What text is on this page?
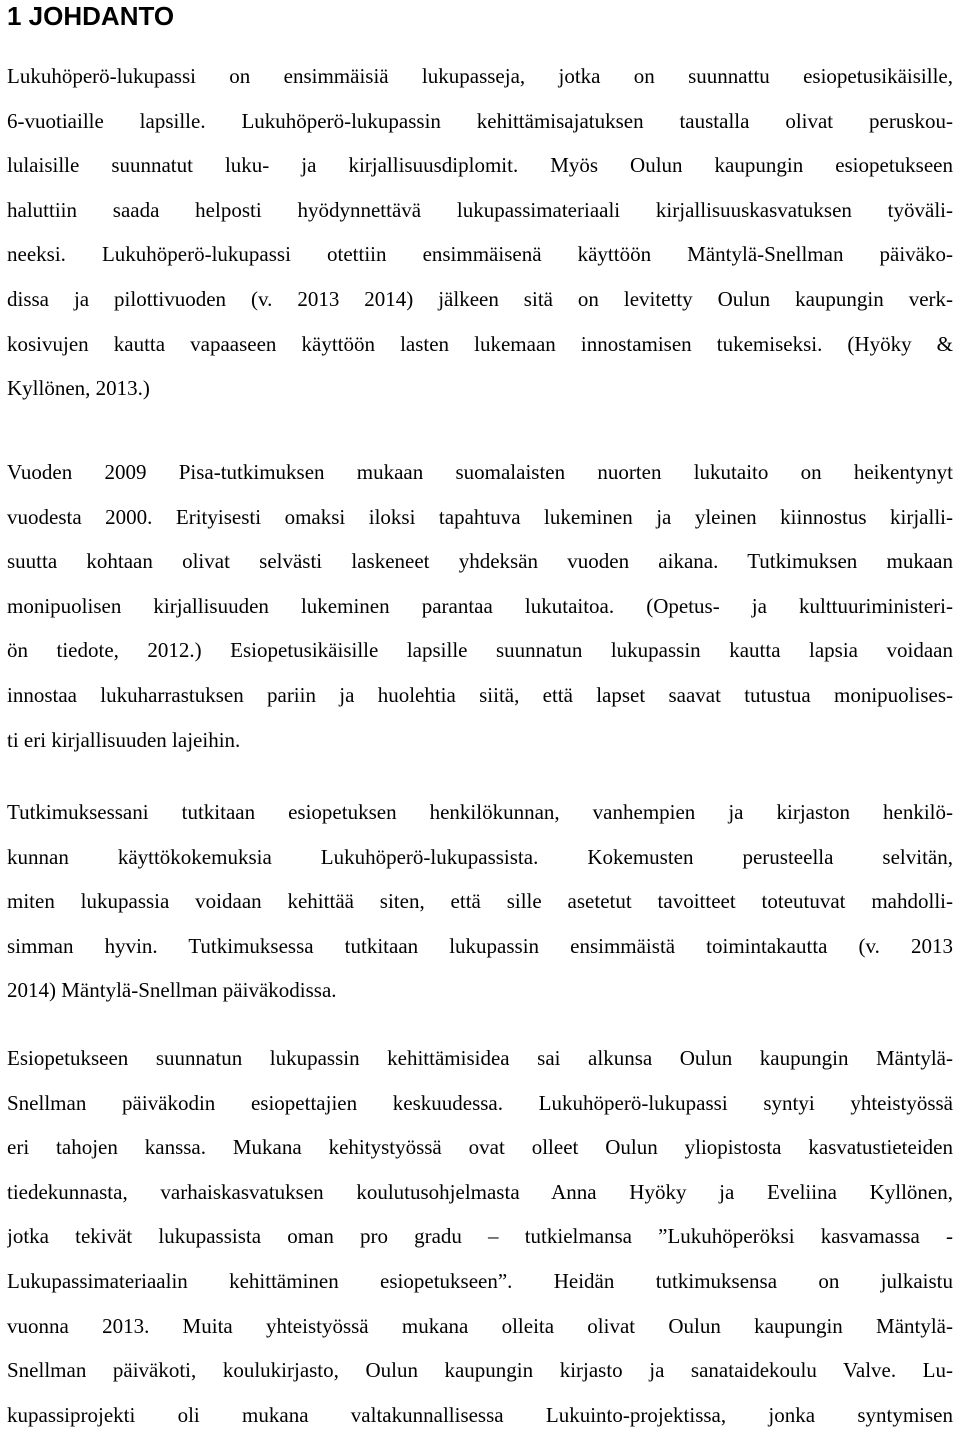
1 JOHDANTO
Lukuhöperö-lukupassi on ensimmäisiä lukupasseja, jotka on suunnattu esiopetusikäisille,
6-vuotiaille lapsille. Lukuhöperö-lukupassin kehittämisajatuksen taustalla olivat peruskou-
lulaisille suunnatut luku- ja kirjallisuusdiplomit. Myös Oulun kaupungin esiopetukseen
haluttiin saada helposti hyödynnettävä lukupassimateriaali kirjallisuuskasvatuksen työväli-
neeksi. Lukuhöperö-lukupassi otettiin ensimmäisenä käyttöön Mäntylä-Snellman päiväko-
dissa ja pilottivuoden (v. 2013 2014) jälkeen sitä on levitetty Oulun kaupungin verk-
kosivujen kautta vapaaseen käyttöön lasten lukemaan innostamisen tukemiseksi. (Hyöky &
Kyllönen, 2013.)
Vuoden 2009 Pisa-tutkimuksen mukaan suomalaisten nuorten lukutaito on heikentynyt
vuodesta 2000. Erityisesti omaksi iloksi tapahtuva lukeminen ja yleinen kiinnostus kirjalli-
suutta kohtaan olivat selvästi laskeneet yhdeksän vuoden aikana. Tutkimuksen mukaan
monipuolisen kirjallisuuden lukeminen parantaa lukutaitoa. (Opetus- ja kulttuuriministeri-
ön tiedote, 2012.) Esiopetusikäisille lapsille suunnatun lukupassin kautta lapsia voidaan
innostaa lukuharrastuksen pariin ja huolehtia siitä, että lapset saavat tutustua monipuolises-
ti eri kirjallisuuden lajeihin.
Tutkimuksessani tutkitaan esiopetuksen henkilökunnan, vanhempien ja kirjaston henkilö-
kunnan käyttökokemuksia Lukuhöperö-lukupassista. Kokemusten perusteella selvitän,
miten lukupassia voidaan kehittää siten, että sille asetetut tavoitteet toteutuvat mahdolli-
simman hyvin. Tutkimuksessa tutkitaan lukupassin ensimmäistä toimintakautta (v. 2013
2014) Mäntylä-Snellman päiväkodissa.
Esiopetukseen suunnatun lukupassin kehittämisidea sai alkunsa Oulun kaupungin Mäntylä-
Snellman päiväkodin esiopettajien keskuudessa. Lukuhöperö-lukupassi syntyi yhteistyössä
eri tahojen kanssa. Mukana kehitystyössä ovat olleet Oulun yliopistosta kasvatustieteiden
tiedekunnasta, varhaiskasvatuksen koulutusohjelmasta Anna Hyöky ja Eveliina Kyllönen,
jotka tekivät lukupassista oman pro gradu – tutkielmansa ”Lukuhöperöksi kasvamassa -
Lukupassimateriaalin kehittäminen esiopetukseen”. Heidän tutkimuksensa on julkaistu
vuonna 2013. Muita yhteistyössä mukana olleita olivat Oulun kaupungin Mäntylä-
Snellman päiväkoti, koulukirjasto, Oulun kaupungin kirjasto ja sanataidekoulu Valve. Lu-
kupassiprojekti oli mukana valtakunnallisessa Lukuinto-projektissa, jonka syntymisen
